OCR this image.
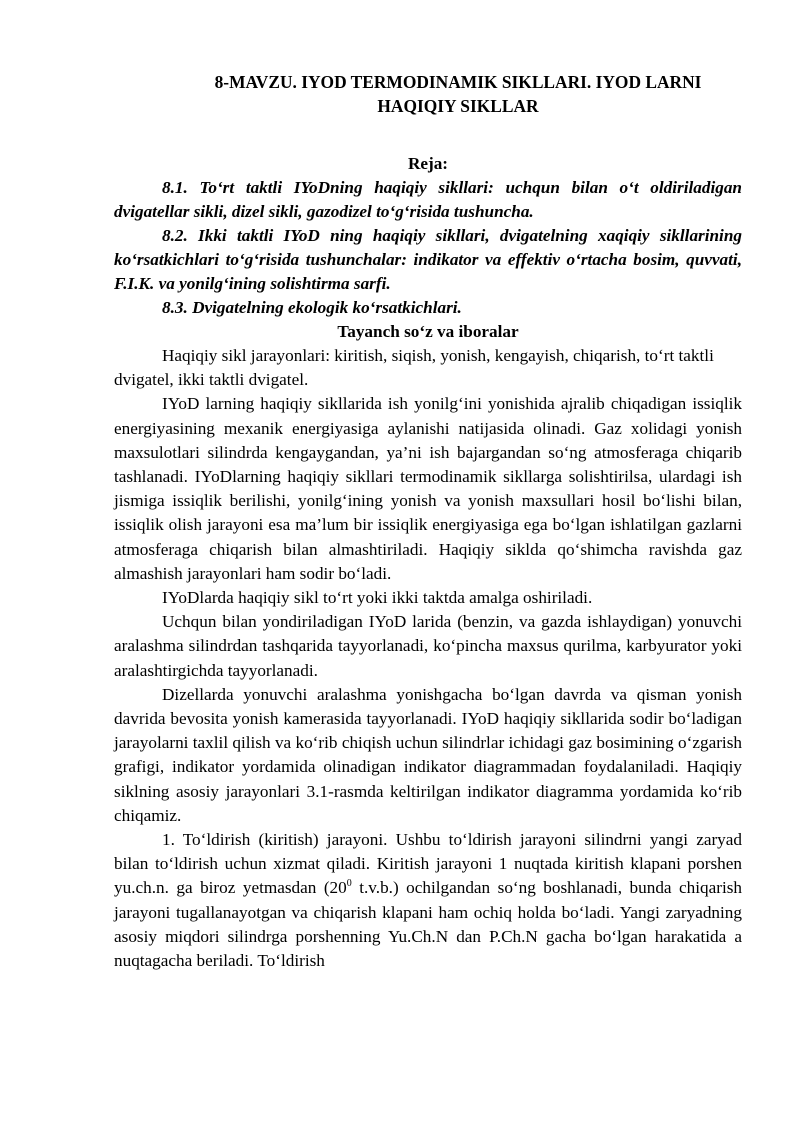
8-MAVZU. IYOD TERMODINAMIK SIKLLARI. IYOD LARNI
HAQIQIY SIKLLAR
Reja:

8.1. To‘rt taktli IYoDning haqiqiy sikllari: uchqun bilan o‘t oldiriladigan dvigatellar sikli, dizel sikli, gazodizel to‘g‘risida tushuncha.

8.2. Ikki taktli IYoD ning haqiqiy sikllari, dvigatelning xaqiqiy sikllarining ko‘rsatkichlari to‘g‘risida tushunchalar: indikator va effektiv o‘rtacha bosim, quvvati, F.I.K. va yonilg‘ining solishtirma sarfi.

8.3. Dvigatelning ekologik ko‘rsatkichlari.

Tayanch so‘z va iboralar

Haqiqiy sikl jarayonlari: kiritish, siqish, yonish, kengayish, chiqarish, to‘rt taktli dvigatel, ikki taktli dvigatel.

IYoD larning haqiqiy sikllarida ish yonilg‘ini yonishida ajralib chiqadigan issiqlik energiyasining mexanik energiyasiga aylanishi natijasida olinadi. Gaz xolidagi yonish maxsulotlari silindrda kengaygandan, ya’ni ish bajargandan so‘ng atmosferaga chiqarib tashlanadi. IYoDlarning haqiqiy sikllari termodinamik sikllarga solishtirilsa, ulardagi ish jismiga issiqlik berilishi, yonilg‘ining yonish va yonish maxsullari hosil bo‘lishi bilan, issiqlik olish jarayoni esa ma’lum bir issiqlik energiyasiga ega bo‘lgan ishlatilgan gazlarni atmosferaga chiqarish bilan almashtiriladi. Haqiqiy siklda qo‘shimcha ravishda gaz almashish jarayonlari ham sodir bo‘ladi.

IYoDlarda haqiqiy sikl to‘rt yoki ikki taktda amalga oshiriladi.

Uchqun bilan yondiriladigan IYoD larida (benzin, va gazda ishlaydigan) yonuvchi aralashma silindrdan tashqarida tayyorlanadi, ko‘pincha maxsus qurilma, karbyurator yoki aralashtirgichda tayyorlanadi.

Dizellarda yonuvchi aralashma yonishgacha bo‘lgan davrda va qisman yonish davrida bevosita yonish kamerasida tayyorlanadi. IYoD haqiqiy sikllarida sodir bo‘ladigan jarayolarni taxlil qilish va ko‘rib chiqish uchun silindrlar ichidagi gaz bosimining o‘zgarish grafigi, indikator yordamida olinadigan indikator diagrammadan foydalaniladi. Haqiqiy siklning asosiy jarayonlari 3.1-rasmda keltirilgan indikator diagramma yordamida ko‘rib chiqamiz.

1. To‘ldirish (kiritish) jarayoni. Ushbu to‘ldirish jarayoni silindrni yangi zaryad bilan to‘ldirish uchun xizmat qiladi. Kiritish jarayoni 1 nuqtada kiritish klapani porshen yu.ch.n. ga biroz yetmasdan ($20^0$ t.v.b.) ochilgandan so‘ng boshlanadi, bunda chiqarish jarayoni tugallanayotgan va chiqarish klapani ham ochiq holda bo‘ladi. Yangi zaryadning asosiy miqdori silindrga porshenning Yu.Ch.N dan P.Ch.N gacha bo‘lgan harakatida a nuqtagacha beriladi. To‘ldirish
